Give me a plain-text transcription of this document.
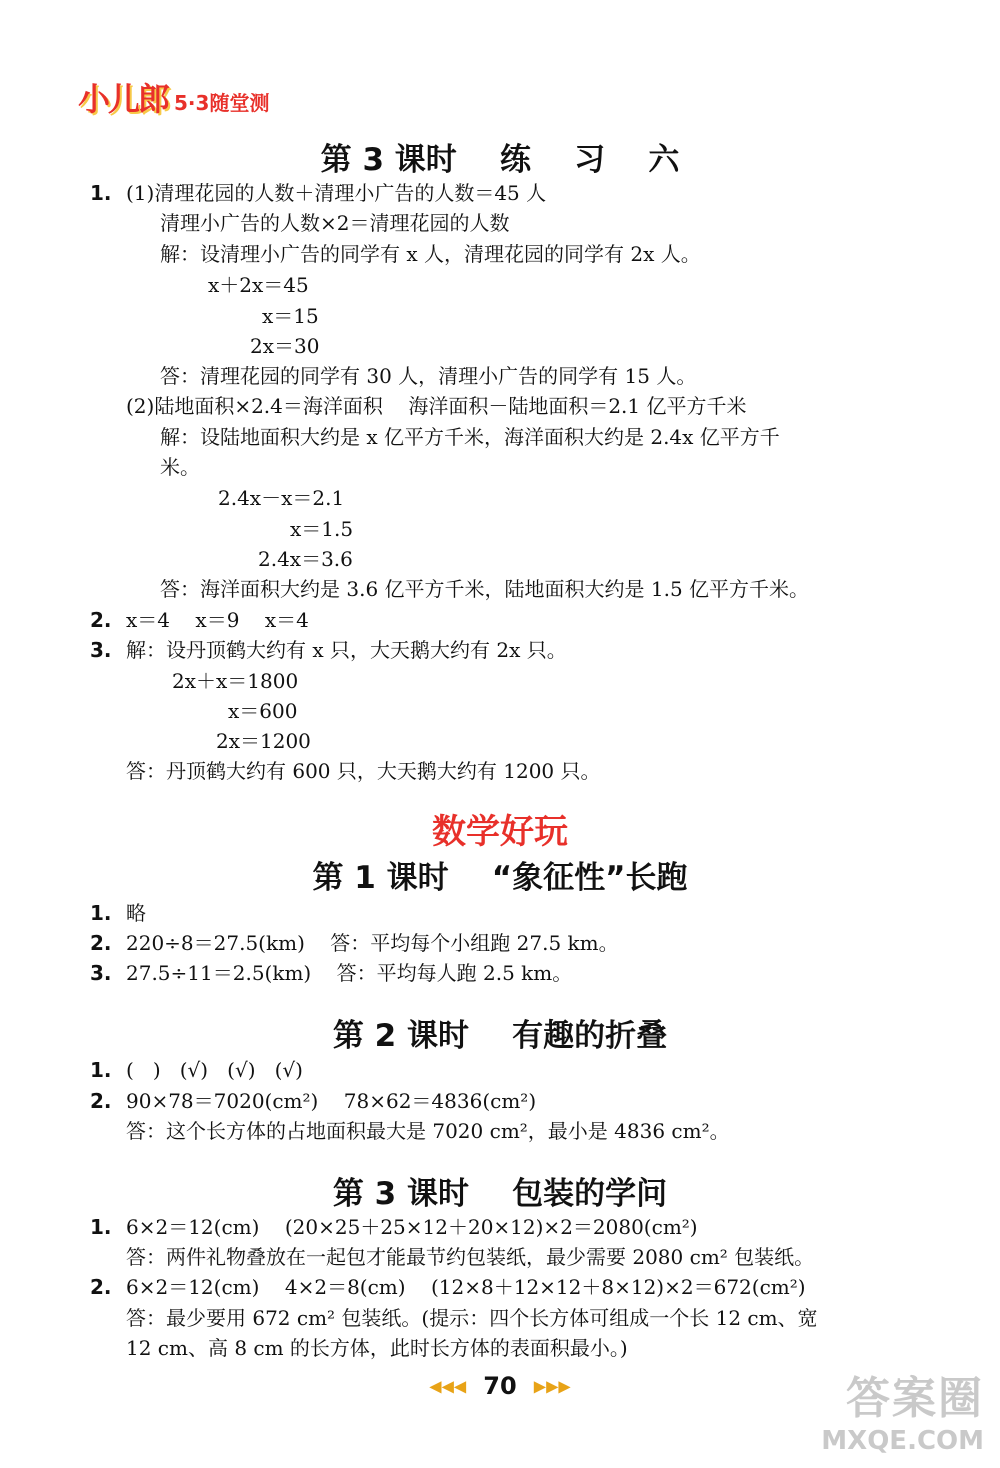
小儿郎 5·3随堂测
第 3 课时    练    习    六
1. (1)清理花园的人数＋清理小广告的人数＝45 人
清理小广告的人数×2＝清理花园的人数
解：设清理小广告的同学有 x 人，清理花园的同学有 2x 人。
x＋2x＝45
x＝15
2x＝30
答：清理花园的同学有 30 人，清理小广告的同学有 15 人。
(2)陆地面积×2.4＝海洋面积    海洋面积－陆地面积＝2.1 亿平方千米
解：设陆地面积大约是 x 亿平方千米，海洋面积大约是 2.4x 亿平方千
米。
2.4x－x＝2.1
x＝1.5
2.4x＝3.6
答：海洋面积大约是 3.6 亿平方千米，陆地面积大约是 1.5 亿平方千米。
2. x＝4    x＝9    x＝4
3. 解：设丹顶鹤大约有 x 只，大天鹅大约有 2x 只。
2x＋x＝1800
x＝600
2x＝1200
答：丹顶鹤大约有 600 只，大天鹅大约有 1200 只。
数学好玩
第 1 课时    “象征性”长跑
1. 略
2. 220÷8＝27.5(km)    答：平均每个小组跑 27.5 km。
3. 27.5÷11＝2.5(km)    答：平均每人跑 2.5 km。
第 2 课时    有趣的折叠
1. (   )   (√)   (√)   (√)
2. 90×78＝7020(cm²)    78×62＝4836(cm²)
答：这个长方体的占地面积最大是 7020 cm²，最小是 4836 cm²。
第 3 课时    包装的学问
1. 6×2＝12(cm)    (20×25＋25×12＋20×12)×2＝2080(cm²)
答：两件礼物叠放在一起包才能最节约包装纸，最少需要 2080 cm² 包装纸。
2. 6×2＝12(cm)    4×2＝8(cm)    (12×8＋12×12＋8×12)×2＝672(cm²)
答：最少要用 672 cm² 包装纸。(提示：四个长方体可组成一个长 12 cm、宽
12 cm、高 8 cm 的长方体，此时长方体的表面积最小。)
◀◀◀ 70 ▶▶▶	答案圈
MXQE.COM
